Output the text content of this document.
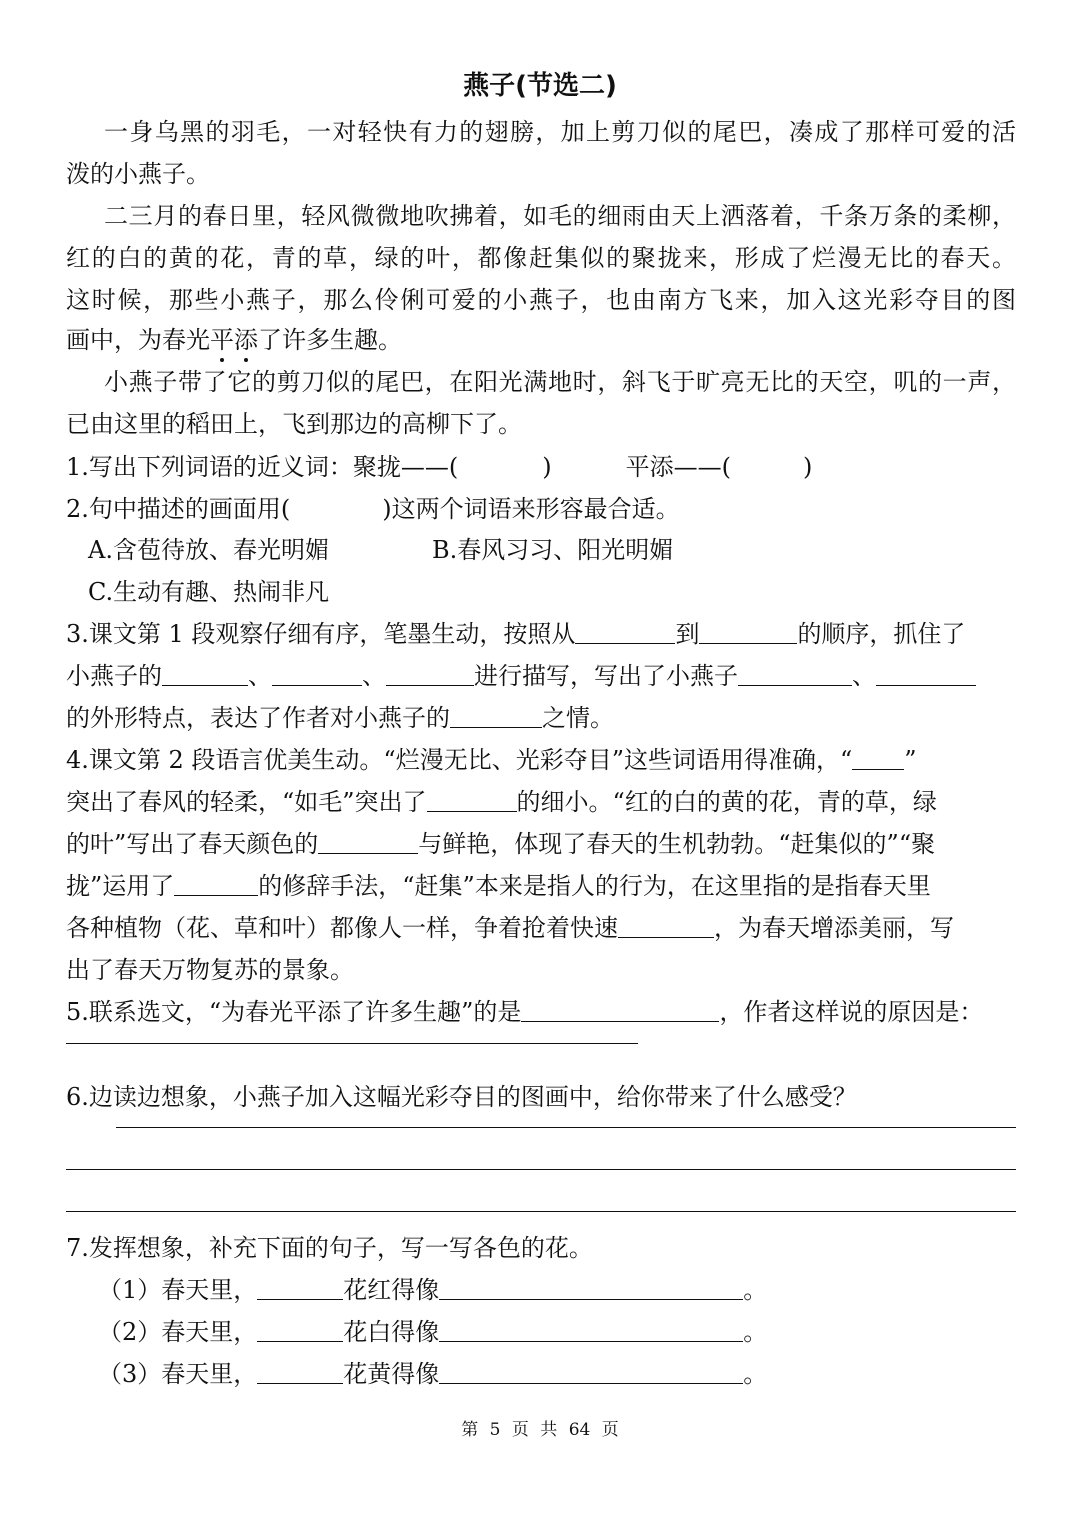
燕子(节选二)
一身乌黑的羽毛，一对轻快有力的翅膀，加上剪刀似的尾巴，凑成了那样可爱的活
泼的小燕子。
二三月的春日里，轻风微微地吹拂着，如毛的细雨由天上洒落着，千条万条的柔柳，
红的白的黄的花，青的草，绿的叶，都像赶集似的聚拢来，形成了烂漫无比的春天。
这时候，那些小燕子，那么伶俐可爱的小燕子，也由南方飞来，加入这光彩夺目的图
画中，为春光平添了许多生趣。
小燕子带了它的剪刀似的尾巴，在阳光满地时，斜飞于旷亮无比的天空，叽的一声，
已由这里的稻田上，飞到那边的高柳下了。
1.写出下列词语的近义词：聚拢——(	)	平添——(	)
2.句中描述的画面用(	)这两个词语来形容最合适。
A.含苞待放、春光明媚	B.春风习习、阳光明媚
C.生动有趣、热闹非凡
3.课文第 1 段观察仔细有序，笔墨生动，按照从	到	的顺序，抓住了
小燕子的	、	、	进行描写，写出了小燕子	、
的外形特点，表达了作者对小燕子的	之情。
4.课文第 2 段语言优美生动。“烂漫无比、光彩夺目”这些词语用得准确，“ ”
突出了春风的轻柔，“如毛”突出了	的细小。“红的白的黄的花，青的草，绿
的叶”写出了春天颜色的	与鲜艳，体现了春天的生机勃勃。“赶集似的”“聚
拢”运用了	的修辞手法，“赶集”本来是指人的行为，在这里指的是指春天里
各种植物（花、草和叶）都像人一样，争着抢着快速	，为春天增添美丽，写
出了春天万物复苏的景象。
5.联系选文，“为春光平添了许多生趣”的是	，作者这样说的原因是：
6.边读边想象，小燕子加入这幅光彩夺目的图画中，给你带来了什么感受？
7.发挥想象，补充下面的句子，写一写各色的花。
（1）春天里，	花红得像	。
（2）春天里，	花白得像	。
（3）春天里，	花黄得像	。
第 5 页 共 64 页
